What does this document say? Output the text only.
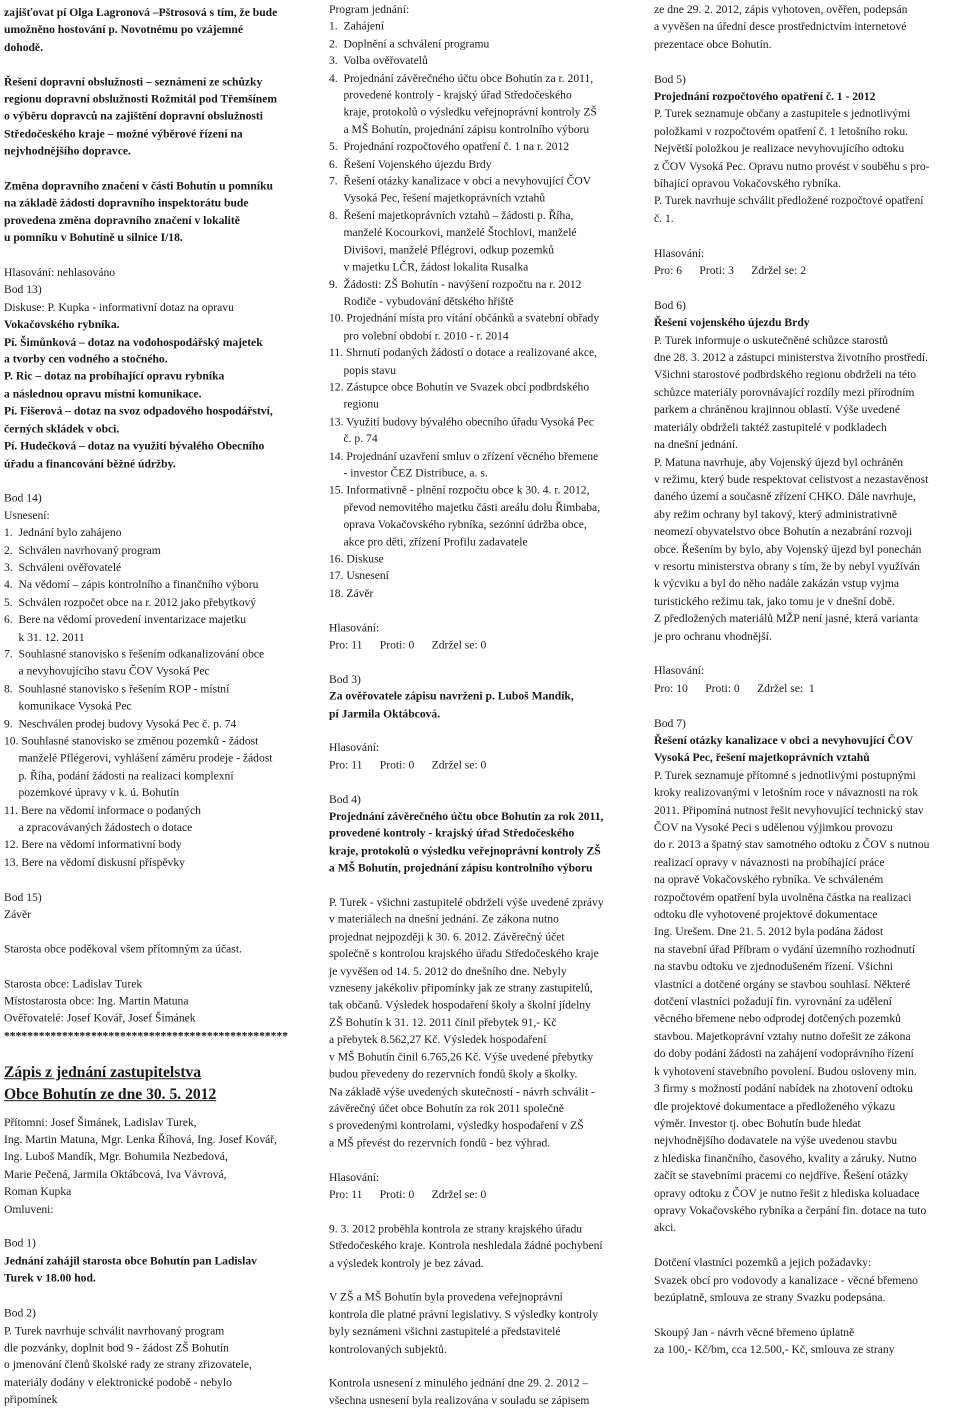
zajišťovat pí Olga Lagronová –Pštrosová s tím, že bude
umožněno hostování p. Novotnému po vzájemné
dohodě.
Řešení dopravní obslužnosti – seznámení ze schůzky
regionu dopravní obslužnosti Rožmitál pod Třemšínem
o výběru dopravců na zajištění dopravní obslužnosti
Středočeského kraje – možné výběrové řízení na
nejvhodnějšího dopravce.
Změna dopravního značení v části Bohutín u pomníku
na základě žádosti dopravního inspektorátu bude
provedena změna dopravního značení v lokalitě
u pomníku v Bohutíně u silnice I/18.
Hlasování: nehlasováno
Bod 13)
Diskuse: P. Kupka - informativní dotaz na opravu
Vokačovského rybníka.
Pí. Šimůnková – dotaz na vodohospodářský majetek
a tvorby cen vodného a stočného.
P. Ric – dotaz na probíhající opravu rybníka
a následnou opravu místní komunikace.
Pí. Fišerová – dotaz na svoz odpadového hospodářství,
černých skládek v obci.
Pí. Hudečková – dotaz na využití bývalého Obecního
úřadu a financování běžné údržby.
Bod 14)
Usnesení:
1.  Jednání bylo zahájeno
2.  Schválen navrhovaný program
3.  Schváleni ověřovatelé
4.  Na vědomí – zápis kontrolního a finančního výboru
5.  Schválen rozpočet obce na r. 2012 jako přebytkový
6.  Bere na vědomí provedení inventarizace majetku
k 31. 12. 2011
7.  Souhlasné stanovisko s řešením odkanalizování obce
a nevyhovujícího stavu ČOV Vysoká Pec
8.  Souhlasné stanovisko s řešením ROP - místní
komunikace Vysoká Pec
9.  Neschválen prodej budovy Vysoká Pec č. p. 74
10. Souhlasné stanovisko se změnou pozemků - žádost
manželé Pflégerovi, vyhlášení záměru prodeje - žádost
p. Říha, podání žádosti na realizaci komplexní
pozemkové úpravy v k. ú. Bohutín
11. Bere na vědomí informace o podaných
a zpracovávaných žádostech o dotace
12. Bere na vědomí informativní body
13. Bere na vědomí diskusní příspěvky
Bod 15)
Závěr
Starosta obce poděkoval všem přítomným za účast.
Starosta obce: Ladislav Turek
Místostarosta obce: Ing. Martin Matuna
Ověřovatelé: Josef Kovář, Josef Šimánek
*************************************************
Zápis z jednání zastupitelstva
Obce Bohutín ze dne 30. 5. 2012
Přítomni: Josef Šimánek, Ladislav Turek,
Ing. Martin Matuna, Mgr. Lenka Říhová, Ing. Josef Kovář,
Ing. Luboš Mandík, Mgr. Bohumila Nezbedová,
Marie Pečená, Jarmila Oktábcová, Iva Vávrová,
Roman Kupka
Omluveni:
Bod 1)
Jednání zahájil starosta obce Bohutín pan Ladislav
Turek v 18.00 hod.
Bod 2)
P. Turek navrhuje schválit navrhovaný program
dle pozvánky, doplnit bod 9 - žádost ZŠ Bohutín
o jmenování členů školské rady ze strany zřizovatele,
materiály dodány v elektronické podobě - nebylo
připomínek
Program jednání:
1.  Zahájení
2.  Doplnění a schválení programu
3.  Volba ověřovatelů
4.  Projednání závěrečného účtu obce Bohutín za r. 2011,
provedené kontroly - krajský úřad Středočeského
kraje, protokolů o výsledku veřejnoprávní kontroly ZŠ
a MŠ Bohutín, projednání zápisu kontrolního výboru
5.  Projednání rozpočtového opatření č. 1 na r. 2012
6.  Řešení Vojenského újezdu Brdy
7.  Řešení otázky kanalizace v obci a nevyhovující ČOV
Vysoká Pec, řešení majetkoprávních vztahů
8.  Řešení majetkoprávních vztahů – žádosti p. Říha,
manželé Kocourkovi, manželé Štochlovi, manželé
Divišovi, manželé Pflégrovi, odkup pozemků
v majetku LČR, žádost lokalita Rusalka
9.  Žádosti: ZŠ Bohutín - navýšení rozpočtu na r. 2012
Rodiče - vybudování dětského hřiště
10. Projednání místa pro vítání občánků a svatební obřady
pro volební období r. 2010 - r. 2014
11. Shrnutí podaných žádostí o dotace a realizované akce,
popis stavu
12. Zástupce obce Bohutín ve Svazek obcí podbrdského
regionu
13. Využití budovy bývalého obecního úřadu Vysoká Pec
č. p. 74
14. Projednání uzavření smluv o zřízení věcného břemene
- investor ČEZ Distribuce, a. s.
15. Informativně - plnění rozpočtu obce k 30. 4. r. 2012,
převod nemovitého majetku části areálu dolu Řimbaba,
oprava Vokačovského rybníka, sezónní údržba obce,
akce pro děti, zřízení Profilu zadavatele
16. Diskuse
17. Usnesení
18. Závěr
Hlasování:
Pro: 11      Proti: 0      Zdržel se: 0
Bod 3)
Za ověřovatele zápisu navrženi p. Luboš Mandík,
pí Jarmila Oktábcová.
Hlasování:
Pro: 11      Proti: 0      Zdržel se: 0
Bod 4)
Projednání závěrečného účtu obce Bohutín za rok 2011,
provedené kontroly - krajský úřad Středočeského
kraje, protokolů o výsledku veřejnoprávní kontroly ZŠ
a MŠ Bohutín, projednání zápisu kontrolního výboru
P. Turek - všichni zastupitelé obdrželi výše uvedené zprávy
v materiálech na dnešní jednání. Ze zákona nutno
projednat nejpozději k 30. 6. 2012. Závěrečný účet
společně s kontrolou krajského úřadu Středočeského kraje
je vyvěšen od 14. 5. 2012 do dnešního dne. Nebyly
vzneseny jakékoliv připomínky jak ze strany zastupitelů,
tak občanů. Výsledek hospodaření školy a školní jídelny
ZŠ Bohutín k 31. 12. 2011 činil přebytek 91,- Kč
a přebytek 8.562,27 Kč. Výsledek hospodaření
v MŠ Bohutín činil 6.765,26 Kč. Výše uvedené přebytky
budou převedeny do rezervních fondů školy a školky.
Na základě výše uvedených skutečností - návrh schválit -
závěrečný účet obce Bohutín za rok 2011 společně
s provedenými kontrolami, výsledky hospodaření v ZŠ
a MŠ převést do rezervních fondů - bez výhrad.
Hlasování:
Pro: 11      Proti: 0      Zdržel se: 0
9. 3. 2012 proběhla kontrola ze strany krajského úřadu
Středočeského kraje. Kontrola neshledala žádné pochybení
a výsledek kontroly je bez závad.
V ZŠ a MŠ Bohutín byla provedena veřejnoprávní
kontrola dle platné právní legislativy. S výsledky kontroly
byly seznámeni všichni zastupitelé a představitelé
kontrolovaných subjektů.
Kontrola usnesení z minulého jednání dne 29. 2. 2012 –
všechna usnesení byla realizována v souladu se zápisem
ze dne 29. 2. 2012, zápis vyhotoven, ověřen, podepsán
a vyvěšen na úřední desce prostřednictvím internetové
prezentace obce Bohutín.
Bod 5)
Projednání rozpočtového opatření č. 1 - 2012
P. Turek seznamuje občany a zastupitele s jednotlivými
položkami v rozpočtovém opatření č. 1 letošního roku.
Největší položkou je realizace nevyhovujícího odtoku
z ČOV Vysoká Pec. Opravu nutno provést v souběhu s pro-
bíhající opravou Vokačovského rybníka.
P. Turek navrhuje schválit předložené rozpočtové opatření
č. 1.
Hlasování:
Pro: 6      Proti: 3      Zdržel se: 2
Bod 6)
Řešení vojenského újezdu Brdy
P. Turek informuje o uskutečněné schůzce starostů
dne 28. 3. 2012 a zástupci ministerstva životního prostředí.
Všichni starostové podbrdského regionu obdrželi na této
schůzce materiály porovnávající rozdíly mezi přírodním
parkem a chráněnou krajinnou oblastí. Výše uvedené
materiály obdrželi taktéž zastupitelé v podkladech
na dnešní jednání.
P. Matuna navrhuje, aby Vojenský újezd byl ochráněn
v režimu, který bude respektovat celistvost a nezastavěnost
daného území a současně zřízení CHKO. Dále navrhuje,
aby režim ochrany byl takový, který administrativně
neomezí obyvatelstvo obce Bohutín a nezabrání rozvoji
obce. Řešením by bylo, aby Vojenský újezd byl ponechán
v resortu ministerstva obrany s tím, že by nebyl využíván
k výcviku a byl do něho nadále zakázán vstup vyjma
turistického režimu tak, jako tomu je v dnešní době.
Z předložených materiálů MŽP není jasné, která varianta
je pro ochranu vhodnější.
Hlasování:
Pro: 10      Proti: 0      Zdržel se:  1
Bod 7)
Řešení otázky kanalizace v obci a nevyhovující ČOV
Vysoká Pec, řešení majetkoprávních vztahů
P. Turek seznamuje přítomné s jednotlivými postupnými
kroky realizovanými v letošním roce v návaznosti na rok
2011. Připomíná nutnost řešit nevyhovující technický stav
ČOV na Vysoké Peci s udělenou výjimkou provozu
do r. 2013 a špatný stav samotného odtoku z ČOV s nutnou
realizací opravy v návaznosti na probíhající práce
na opravě Vokačovského rybníka. Ve schváleném
rozpočtovém opatření byla uvolněna částka na realizaci
odtoku dle vyhotovené projektové dokumentace
Ing. Urešem. Dne 21. 5. 2012 byla podána žádost
na stavební úřad Příbram o vydání územního rozhodnutí
na stavbu odtoku ve zjednodušeném řízení. Všichni
vlastníci a dotčené orgány se stavbou souhlasí. Některé
dotčení vlastníci požadují fin. vyrovnání za udělení
věcného břemene nebo odprodej dotčených pozemků
stavbou. Majetkoprávní vztahy nutno dořešit ze zákona
do doby podání žádosti na zahájení vodoprávního řízení
k vyhotovení stavebního povolení. Budou osloveny min.
3 firmy s možností podání nabídek na zhotovení odtoku
dle projektové dokumentace a předloženého výkazu
výměr. Investor tj. obec Bohutín bude hledat
nejvhodnějšího dodavatele na výše uvedenou stavbu
z hlediska finančního, časového, kvality a záruky. Nutno
začít se stavebními pracemi co nejdříve. Řešení otázky
opravy odtoku z ČOV je nutno řešit z hlediska koluadace
opravy Vokačovského rybníka a čerpání fin. dotace na tuto
akci.
Dotčení vlastníci pozemků a jejich požadavky:
Svazek obcí pro vodovody a kanalizace - věcné břemeno
bezúplatně, smlouva ze strany Svazku podepsána.
Skoupý Jan - návrh věcné břemeno úplatně
za 100,- Kč/bm, cca 12.500,- Kč, smlouva ze strany
